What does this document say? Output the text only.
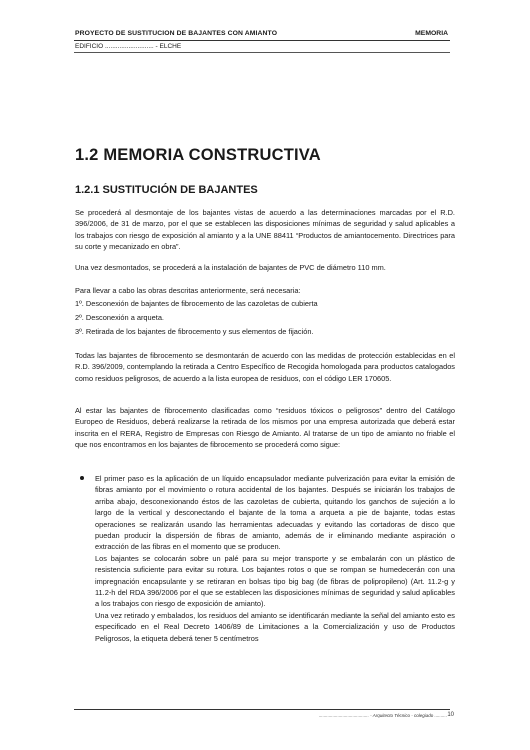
PROYECTO DE SUSTITUCION DE BAJANTES CON AMIANTO	MEMORIA
EDIFICIO ........................... - ELCHE
1.2 MEMORIA CONSTRUCTIVA
1.2.1 SUSTITUCIÓN DE BAJANTES
Se procederá al desmontaje de los bajantes vistas de acuerdo a las determinaciones marcadas por el R.D. 396/2006, de 31 de marzo, por el que se establecen las disposiciones mínimas de seguridad y salud aplicables a los trabajos con riesgo de exposición al amianto y a la UNE 88411 “Productos de amiantocemento. Directrices para su corte y mecanizado en obra”.
Una vez desmontados, se procederá a la instalación de bajantes de PVC de diámetro 110 mm.
Para llevar a cabo las obras descritas anteriormente, será necesaria:
1º. Desconexión de bajantes de fibrocemento de las cazoletas de cubierta
2º. Desconexión a arqueta.
3º. Retirada de los bajantes de fibrocemento y sus elementos de fijación.
Todas las bajantes de fibrocemento se desmontarán de acuerdo con las medidas de protección establecidas en el R.D. 396/2009, contemplando la retirada a Centro Específico de Recogida homologada para productos catalogados como residuos peligrosos, de acuerdo a la lista europea de residuos, con el código LER 170605.
Al estar las bajantes de fibrocemento clasificadas como “residuos tóxicos o peligrosos” dentro del Catálogo Europeo de Residuos, deberá realizarse la retirada de los mismos por una empresa autorizada que deberá estar inscrita en el RERA, Registro de Empresas con Riesgo de Amianto. Al tratarse de un tipo de amianto no friable el que nos encontramos en los bajantes de fibrocemento se procederá como sigue:

El primer paso es la aplicación de un líquido encapsulador mediante pulverización para evitar la emisión de fibras amianto por el movimiento o rotura accidental de los bajantes. Después se iniciarán los trabajos de arriba abajo, desconexionando éstos de las cazoletas de cubierta, quitando los ganchos de sujeción a lo largo de la vertical y desconectando el bajante de la toma a arqueta a pie de bajante, todas estas operaciones se realizarán usando las herramientas adecuadas y evitando las cortadoras de disco que puedan producir la dispersión de fibras de amianto, además de ir eliminando mediante aspiración o extracción de las fibras en el momento que se producen.

Los bajantes se colocarán sobre un palé para su mejor transporte y se embalarán con un plástico de resistencia suficiente para evitar su rotura. Los bajantes rotos o que se rompan se humedecerán con una impregnación encapsulante y se retiraran en bolsas tipo big bag (de fibras de polipropileno) (Art. 11.2-g y 11.2-h del RDA 396/2006 por el que se establecen las disposiciones mínimas de seguridad y salud aplicables a los trabajos con riesgo de exposición de amianto).

Una vez retirado y embalados, los residuos del amianto se identificarán mediante la señal del amianto esto es especificado en el Real Decreto 1406/89 de Limitaciones a la Comercialización y uso de Productos Peligrosos, la etiqueta deberá tener 5 centímetros

........................................ - Arquitecto Técnico - colegiado .......... 10
